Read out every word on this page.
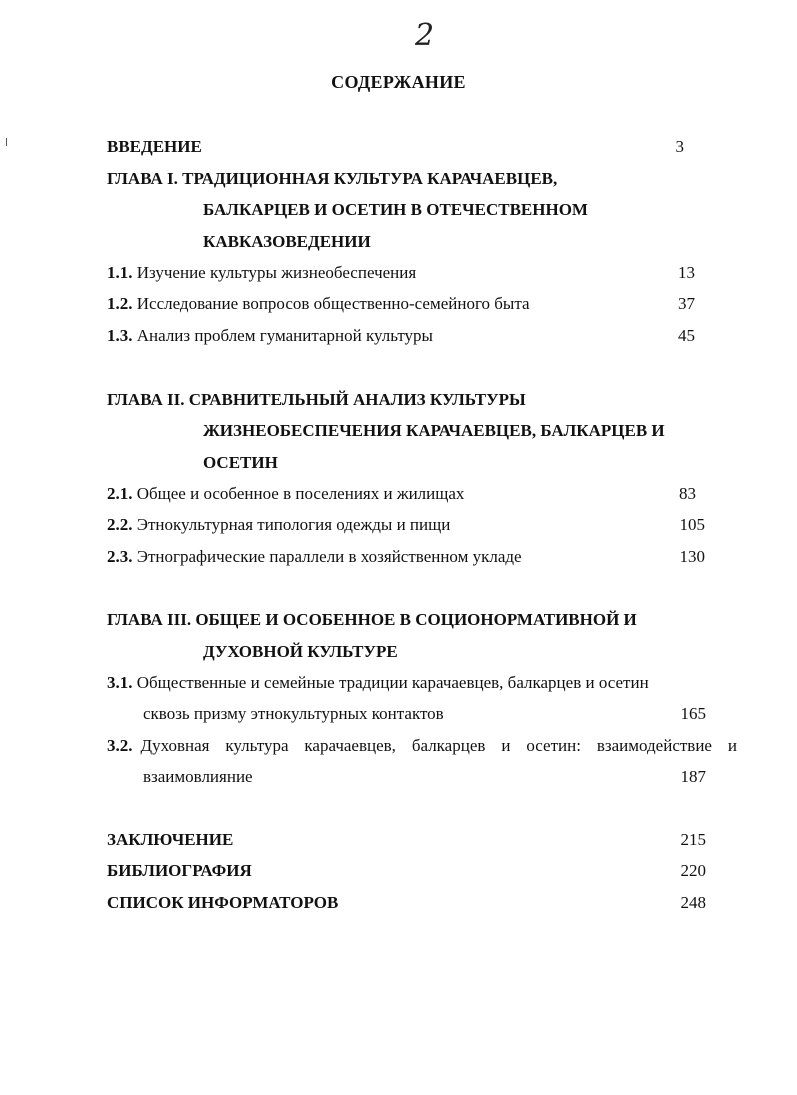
2
СОДЕРЖАНИЕ
ВВЕДЕНИЕ	3
ГЛАВА I. ТРАДИЦИОННАЯ КУЛЬТУРА КАРАЧАЕВЦЕВ,
БАЛКАРЦЕВ И ОСЕТИН В ОТЕЧЕСТВЕННОМ
КАВКАЗОВЕДЕНИИ
1.1. Изучение культуры жизнеобеспечения	13
1.2. Исследование вопросов общественно-семейного быта	37
1.3. Анализ проблем гуманитарной культуры	45
ГЛАВА II. СРАВНИТЕЛЬНЫЙ АНАЛИЗ КУЛЬТУРЫ
ЖИЗНЕОБЕСПЕЧЕНИЯ КАРАЧАЕВЦЕВ, БАЛКАРЦЕВ И
ОСЕТИН
2.1. Общее и особенное в поселениях и жилищах	83
2.2. Этнокультурная типология одежды и пищи	105
2.3. Этнографические параллели в хозяйственном укладе	130
ГЛАВА III. ОБЩЕЕ И ОСОБЕННОЕ В СОЦИОНОРМАТИВНОЙ И
ДУХОВНОЙ КУЛЬТУРЕ
3.1. Общественные и семейные традиции карачаевцев, балкарцев и осетин
сквозь призму этнокультурных контактов	165
3.2. Духовная культура карачаевцев, балкарцев и осетин: взаимодействие и
взаимовлияние	187
ЗАКЛЮЧЕНИЕ	215
БИБЛИОГРАФИЯ	220
СПИСОК ИНФОРМАТОРОВ	248
